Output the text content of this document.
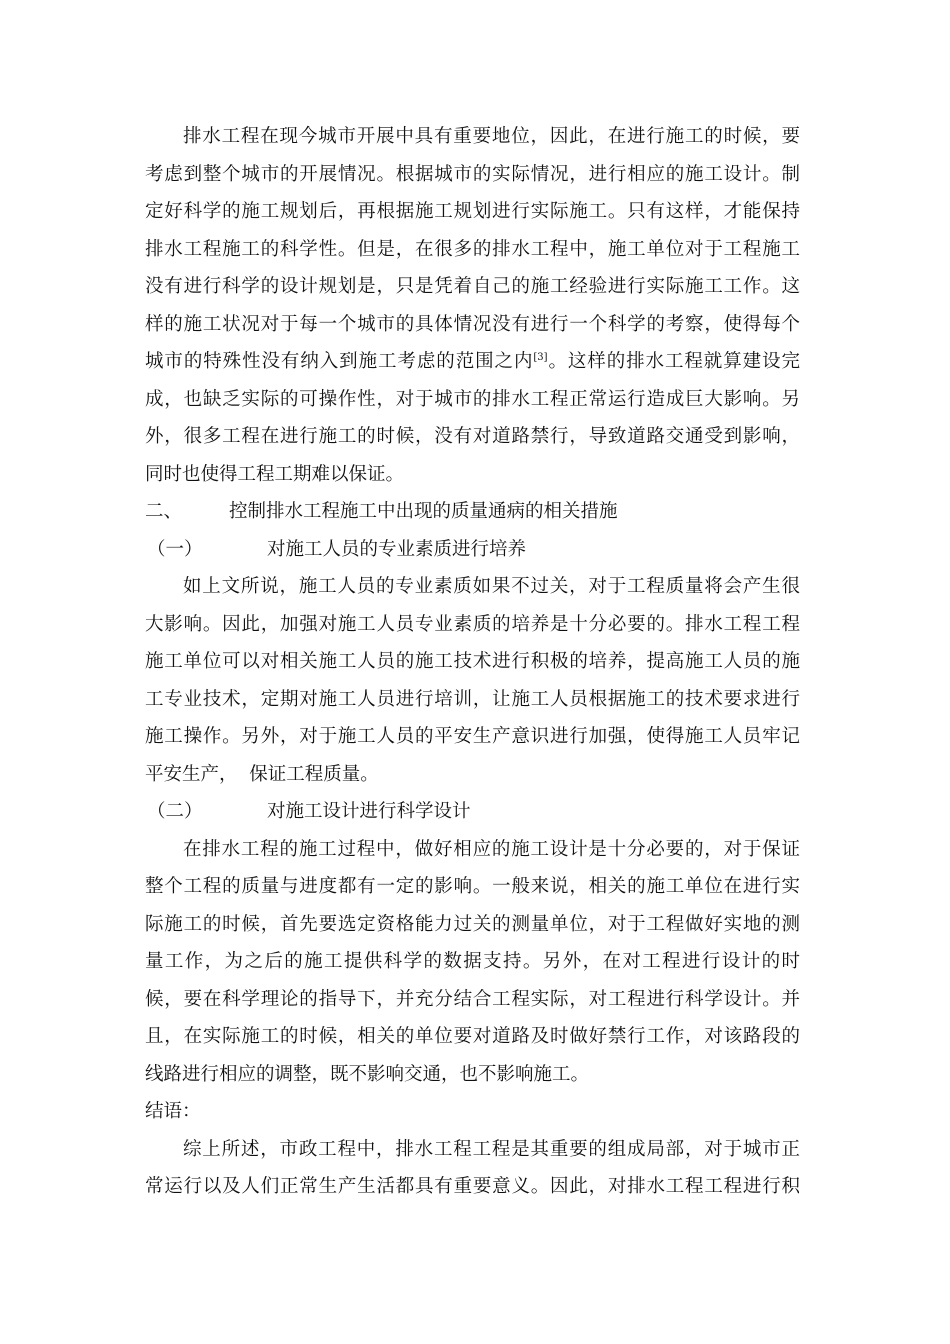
排水工程在现今城市开展中具有重要地位，因此，在进行施工的时候，要
考虑到整个城市的开展情况。根据城市的实际情况，进行相应的施工设计。制
定好科学的施工规划后，再根据施工规划进行实际施工。只有这样，才能保持
排水工程施工的科学性。但是，在很多的排水工程中，施工单位对于工程施工
没有进行科学的设计规划是，只是凭着自己的施工经验进行实际施工工作。这
样的施工状况对于每一个城市的具体情况没有进行一个科学的考察，使得每个
城市的特殊性没有纳入到施工考虑的范围之内[3]。这样的排水工程就算建设完
成，也缺乏实际的可操作性，对于城市的排水工程正常运行造成巨大影响。另
外，很多工程在进行施工的时候，没有对道路禁行，导致道路交通受到影响，
同时也使得工程工期难以保证。
二、	控制排水工程施工中出现的质量通病的相关措施
（一）	对施工人员的专业素质进行培养
如上文所说，施工人员的专业素质如果不过关，对于工程质量将会产生很
大影响。因此，加强对施工人员专业素质的培养是十分必要的。排水工程工程
施工单位可以对相关施工人员的施工技术进行积极的培养，提高施工人员的施
工专业技术，定期对施工人员进行培训，让施工人员根据施工的技术要求进行
施工操作。另外，对于施工人员的平安生产意识进行加强，使得施工人员牢记
平安生产，  保证工程质量。
（二）	对施工设计进行科学设计
在排水工程的施工过程中，做好相应的施工设计是十分必要的，对于保证
整个工程的质量与进度都有一定的影响。一般来说，相关的施工单位在进行实
际施工的时候，首先要选定资格能力过关的测量单位，对于工程做好实地的测
量工作，为之后的施工提供科学的数据支持。另外，在对工程进行设计的时
候，要在科学理论的指导下，并充分结合工程实际，对工程进行科学设计。并
且，在实际施工的时候，相关的单位要对道路及时做好禁行工作，对该路段的
线路进行相应的调整，既不影响交通，也不影响施工。
结语：
综上所述，市政工程中，排水工程工程是其重要的组成局部，对于城市正
常运行以及人们正常生产生活都具有重要意义。因此，对排水工程工程进行积
